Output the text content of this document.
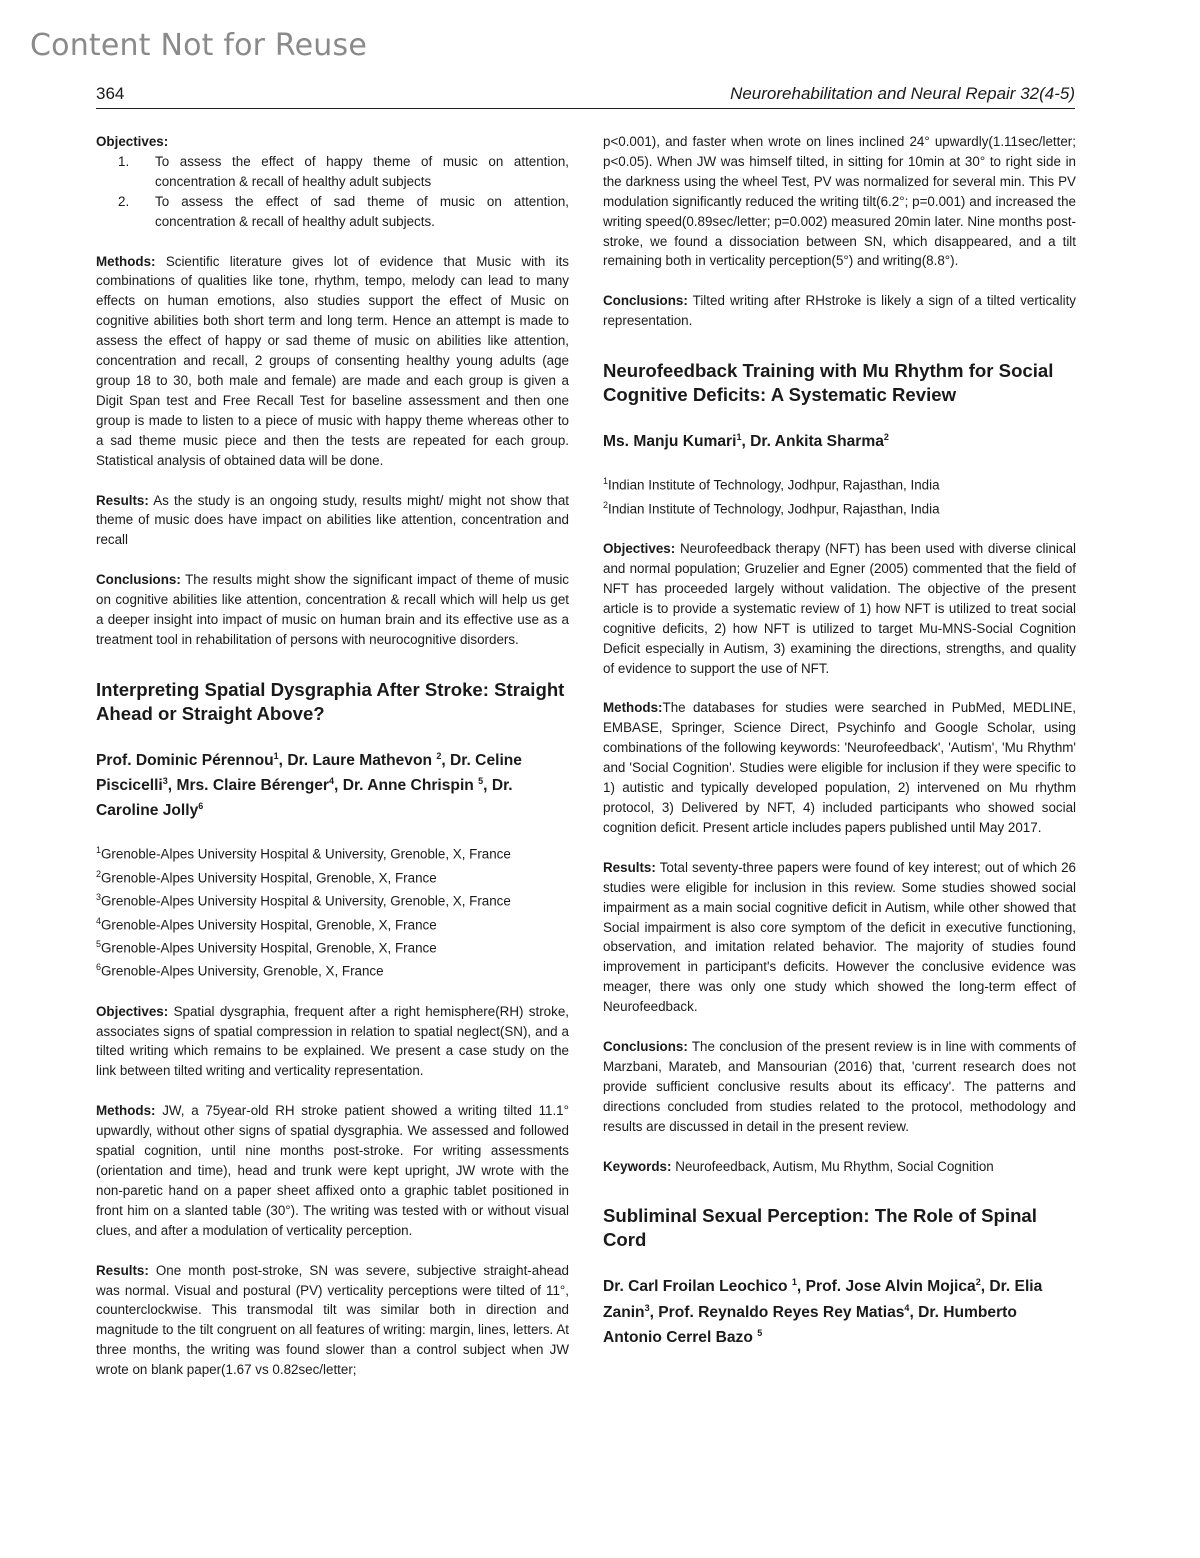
Content Not for Reuse
364	Neurorehabilitation and Neural Repair 32(4-5)
Objectives:
1. To assess the effect of happy theme of music on attention, concentration & recall of healthy adult subjects
2. To assess the effect of sad theme of music on attention, concentration & recall of healthy adult subjects.

Methods: Scientific literature gives lot of evidence that Music with its combinations of qualities like tone, rhythm, tempo, melody can lead to many effects on human emotions, also studies support the effect of Music on cognitive abilities both short term and long term. Hence an attempt is made to assess the effect of happy or sad theme of music on abilities like attention, concentration and recall, 2 groups of consenting healthy young adults (age group 18 to 30, both male and female) are made and each group is given a Digit Span test and Free Recall Test for baseline assessment and then one group is made to listen to a piece of music with happy theme whereas other to a sad theme music piece and then the tests are repeated for each group. Statistical analysis of obtained data will be done.

Results: As the study is an ongoing study, results might/ might not show that theme of music does have impact on abilities like attention, concentration and recall

Conclusions: The results might show the significant impact of theme of music on cognitive abilities like attention, concentration & recall which will help us get a deeper insight into impact of music on human brain and its effective use as a treatment tool in rehabilitation of persons with neurocognitive disorders.

Interpreting Spatial Dysgraphia After Stroke: Straight Ahead or Straight Above?
Prof. Dominic Pérennou$^1$, Dr. Laure Mathevon $^2$, Dr. Celine Piscicelli$^3$, Mrs. Claire Bérenger$^4$, Dr. Anne Chrispin $^5$, Dr. Caroline Jolly$^6$
$^1$Grenoble-Alpes University Hospital & University, Grenoble, X, France
$^2$Grenoble-Alpes University Hospital, Grenoble, X, France
$^3$Grenoble-Alpes University Hospital & University, Grenoble, X, France
$^4$Grenoble-Alpes University Hospital, Grenoble, X, France
$^5$Grenoble-Alpes University Hospital, Grenoble, X, France
$^6$Grenoble-Alpes University, Grenoble, X, France

Objectives: Spatial dysgraphia, frequent after a right hemisphere(RH) stroke, associates signs of spatial compression in relation to spatial neglect(SN), and a tilted writing which remains to be explained. We present a case study on the link between tilted writing and verticality representation.

Methods: JW, a 75year-old RH stroke patient showed a writing tilted 11.1° upwardly, without other signs of spatial dysgraphia. We assessed and followed spatial cognition, until nine months post-stroke. For writing assessments (orientation and time), head and trunk were kept upright, JW wrote with the non-paretic hand on a paper sheet affixed onto a graphic tablet positioned in front him on a slanted table (30°). The writing was tested with or without visual clues, and after a modulation of verticality perception.

Results: One month post-stroke, SN was severe, subjective straight-ahead was normal. Visual and postural (PV) verticality perceptions were tilted of 11°, counterclockwise. This transmodal tilt was similar both in direction and magnitude to the tilt congruent on all features of writing: margin, lines, letters. At three months, the writing was found slower than a control subject when JW wrote on blank paper(1.67 vs 0.82sec/letter;

p<0.001), and faster when wrote on lines inclined 24° upwardly(1.11sec/letter; p<0.05). When JW was himself tilted, in sitting for 10min at 30° to right side in the darkness using the wheel Test, PV was normalized for several min. This PV modulation significantly reduced the writing tilt(6.2°; p=0.001) and increased the writing speed(0.89sec/letter; p=0.002) measured 20min later. Nine months post-stroke, we found a dissociation between SN, which disappeared, and a tilt remaining both in verticality perception(5°) and writing(8.8°).

Conclusions: Tilted writing after RHstroke is likely a sign of a tilted verticality representation.

Neurofeedback Training with Mu Rhythm for Social Cognitive Deficits: A Systematic Review
Ms. Manju Kumari$^1$, Dr. Ankita Sharma$^2$
$^1$Indian Institute of Technology, Jodhpur, Rajasthan, India
$^2$Indian Institute of Technology, Jodhpur, Rajasthan, India

Objectives: Neurofeedback therapy (NFT) has been used with diverse clinical and normal population; Gruzelier and Egner (2005) commented that the field of NFT has proceeded largely without validation. The objective of the present article is to provide a systematic review of 1) how NFT is utilized to treat social cognitive deficits, 2) how NFT is utilized to target Mu-MNS-Social Cognition Deficit especially in Autism, 3) examining the directions, strengths, and quality of evidence to support the use of NFT.

Methods:The databases for studies were searched in PubMed, MEDLINE, EMBASE, Springer, Science Direct, Psychinfo and Google Scholar, using combinations of the following keywords: 'Neurofeedback', 'Autism', 'Mu Rhythm' and 'Social Cognition'. Studies were eligible for inclusion if they were specific to 1) autistic and typically developed population, 2) intervened on Mu rhythm protocol, 3) Delivered by NFT, 4) included participants who showed social cognition deficit. Present article includes papers published until May 2017.

Results: Total seventy-three papers were found of key interest; out of which 26 studies were eligible for inclusion in this review. Some studies showed social impairment as a main social cognitive deficit in Autism, while other showed that Social impairment is also core symptom of the deficit in executive functioning, observation, and imitation related behavior. The majority of studies found improvement in participant's deficits. However the conclusive evidence was meager, there was only one study which showed the long-term effect of Neurofeedback.

Conclusions: The conclusion of the present review is in line with comments of Marzbani, Marateb, and Mansourian (2016) that, 'current research does not provide sufficient conclusive results about its efficacy'. The patterns and directions concluded from studies related to the protocol, methodology and results are discussed in detail in the present review.

Keywords: Neurofeedback, Autism, Mu Rhythm, Social Cognition

Subliminal Sexual Perception: The Role of Spinal Cord
Dr. Carl Froilan Leochico $^1$, Prof. Jose Alvin Mojica$^2$, Dr. Elia Zanin$^3$, Prof. Reynaldo Reyes Rey Matias$^4$, Dr. Humberto Antonio Cerrel Bazo $^5$
